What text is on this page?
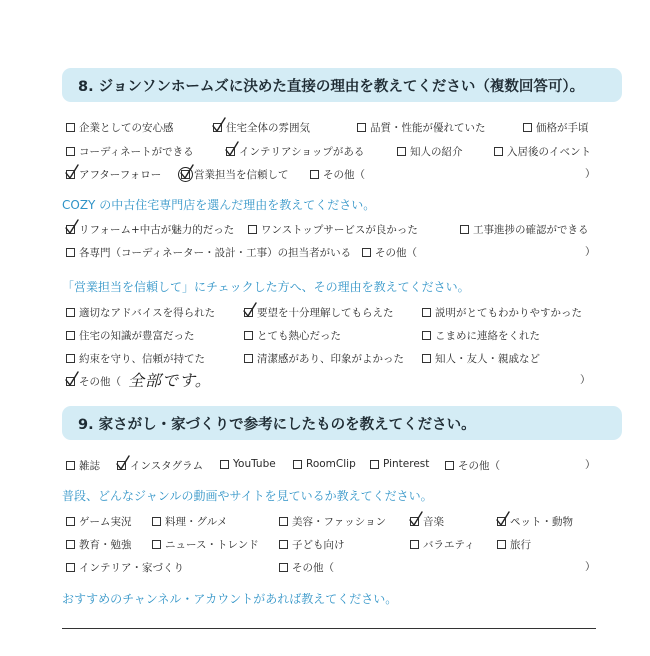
8. ジョンソンホームズに決めた直接の理由を教えてください（複数回答可）。
企業としての安心感	住宅全体の雰囲気	品質・性能が優れていた	価格が手頃
コーディネートができる	インテリアショップがある	知人の紹介	入居後のイベント
アフターフォロー	営業担当を信頼して	その他（	）
COZY の中古住宅専門店を選んだ理由を教えてください。
リフォーム+中古が魅力的だった	ワンストップサービスが良かった	工事進捗の確認ができる
各専門（コーディネーター・設計・工事）の担当者がいる その他（	）
「営業担当を信頼して」にチェックした方へ、その理由を教えてください。
適切なアドバイスを得られた	要望を十分理解してもらえた	説明がとてもわかりやすかった
住宅の知識が豊富だった	とても熱心だった	こまめに連絡をくれた
約束を守り、信頼が持てた	清潔感があり、印象がよかった	知人・友人・親戚など
その他（ 全部です。	）
9. 家さがし・家づくりで参考にしたものを教えてください。
雑誌	インスタグラム	YouTube	RoomClip	Pinterest	その他（	）
普段、どんなジャンルの動画やサイトを見ているか教えてください。
ゲーム実況	料理・グルメ	美容・ファッション	音楽	ペット・動物
教育・勉強	ニュース・トレンド	子ども向け	バラエティ	旅行
インテリア・家づくり	その他（	）
おすすめのチャンネル・アカウントがあれば教えてください。
